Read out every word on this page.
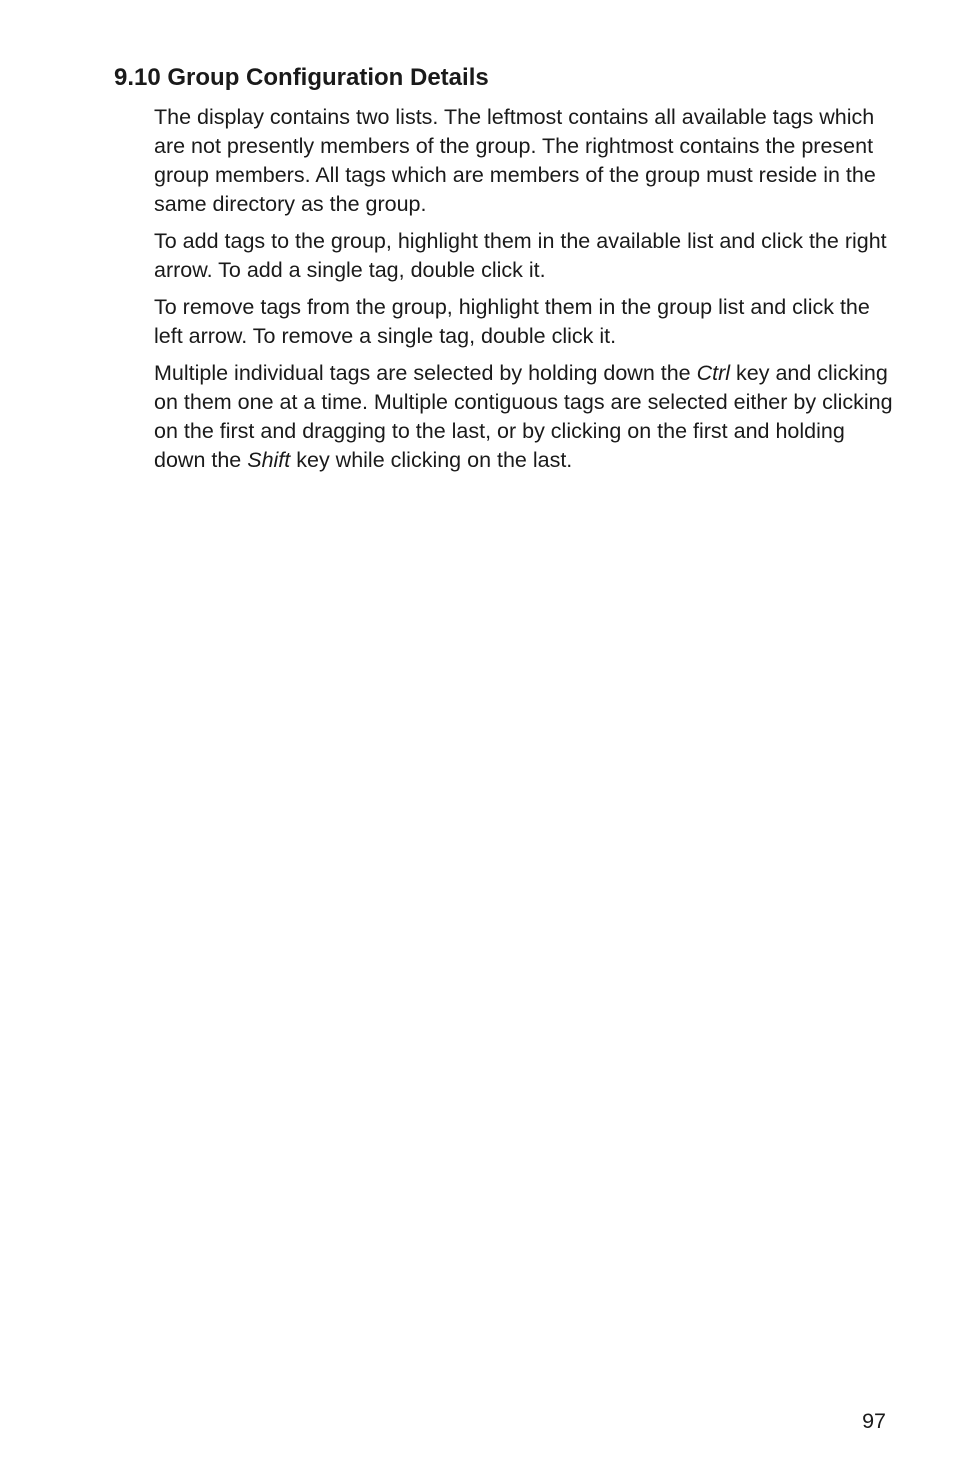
9.10 Group Configuration Details

The display contains two lists. The leftmost contains all available tags which are not presently members of the group. The rightmost contains the present group members. All tags which are members of the group must reside in the same directory as the group.

To add tags to the group, highlight them in the available list and click the right arrow. To add a single tag, double click it.

To remove tags from the group, highlight them in the group list and click the left arrow. To remove a single tag, double click it.

Multiple individual tags are selected by holding down the Ctrl key and clicking on them one at a time. Multiple contiguous tags are selected either by clicking on the first and dragging to the last, or by clicking on the first and holding down the Shift key while clicking on the last.

97
